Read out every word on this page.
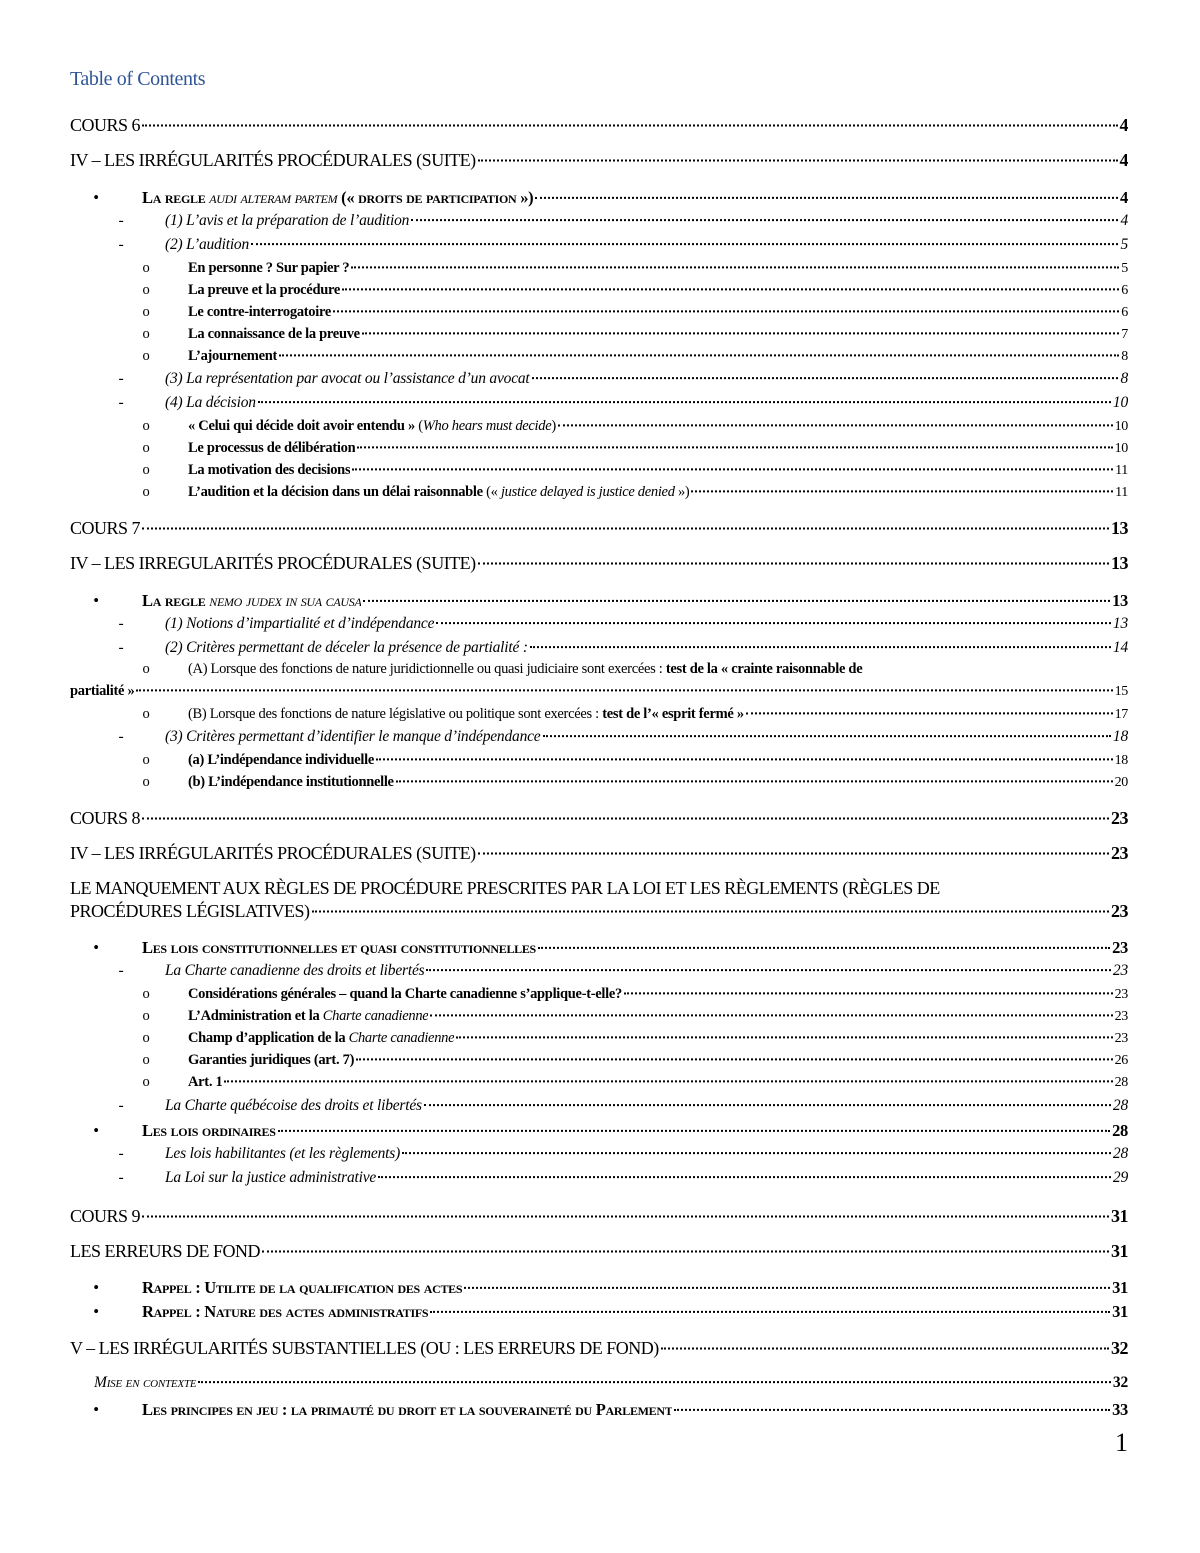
Table of Contents
COURS 6	4
IV – LES IRRÉGULARITÉS PROCÉDURALES (SUITE)	4
•	La regle audi alteram partem (« droits de participation »)	4
-	(1) L’avis et la préparation de l’audition	4
-	(2) L’audition	5
o	En personne ? Sur papier ?	5
o	La preuve et la procédure	6
o	Le contre-interrogatoire	6
o	La connaissance de la preuve	7
o	L’ajournement	8
-	(3) La représentation par avocat ou l’assistance d’un avocat	8
-	(4) La décision	10
o	« Celui qui décide doit avoir entendu » (Who hears must decide)	10
o	Le processus de délibération	10
o	La motivation des decisions	11
o	L’audition et la décision dans un délai raisonnable (« justice delayed is justice denied »)	11
COURS 7	13
IV – LES IRREGULARITÉS PROCÉDURALES (SUITE)	13
•	La regle nemo judex in sua causa	13
-	(1) Notions d’impartialité et d’indépendance	13
-	(2) Critères permettant de déceler la présence de partialité :	14
o	(A) Lorsque des fonctions de nature juridictionnelle ou quasi judiciaire sont exercées : test de la « crainte raisonnable de
partialité »	15
o	(B) Lorsque des fonctions de nature législative ou politique sont exercées : test de l’« esprit fermé »	17
-	(3) Critères permettant d’identifier le manque d’indépendance	18
o	(a) L’indépendance individuelle	18
o	(b) L’indépendance institutionnelle	20
COURS 8	23
IV – LES IRRÉGULARITÉS PROCÉDURALES (SUITE)	23
LE MANQUEMENT AUX RÈGLES DE PROCÉDURE PRESCRITES PAR LA LOI ET LES RÈGLEMENTS (RÈGLES DE
PROCÉDURES LÉGISLATIVES)	23
•	Les lois constitutionnelles et quasi constitutionnelles	23
-	La Charte canadienne des droits et libertés	23
o	Considérations générales – quand la Charte canadienne s’applique-t-elle?	23
o	L’Administration et la Charte canadienne	23
o	Champ d’application de la Charte canadienne	23
o	Garanties juridiques (art. 7)	26
o	Art. 1	28
-	La Charte québécoise des droits et libertés	28
•	Les lois ordinaires	28
-	Les lois habilitantes (et les règlements)	28
-	La Loi sur la justice administrative	29
COURS 9	31
LES ERREURS DE FOND	31
•	Rappel : Utilite de la qualification des actes	31
•	Rappel : Nature des actes administratifs	31
V – LES IRRÉGULARITÉS SUBSTANTIELLES (OU : LES ERREURS DE FOND)	32
Mise en contexte	32
•	Les principes en jeu : la primauté du droit et la souveraineté du Parlement	33
1
